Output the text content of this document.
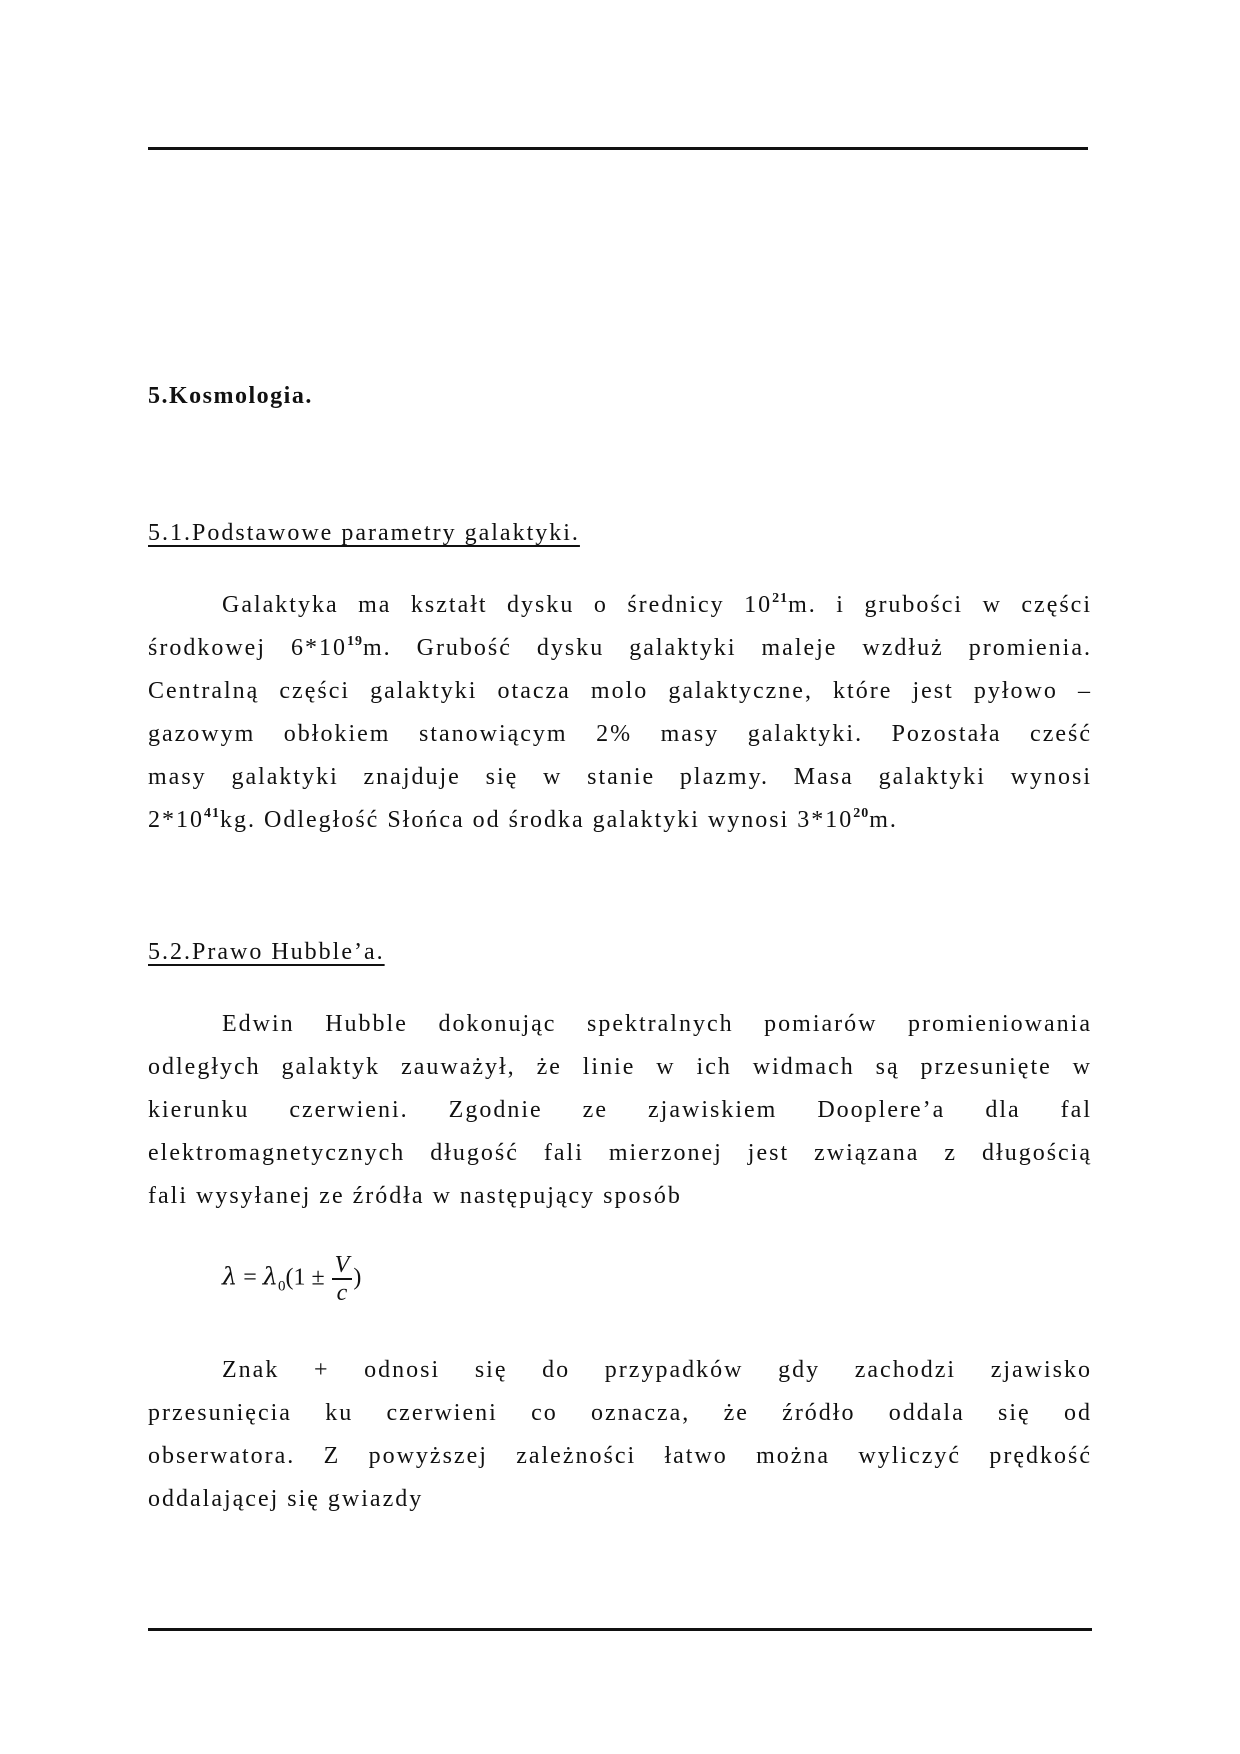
5.Kosmologia.
5.1.Podstawowe parametry galaktyki.

Galaktyka ma kształt dysku o średnicy $10^{21}m$. i grubości w części
środkowej $6*10^{19}m$. Grubość dysku galaktyki maleje wzdłuż promienia.
Centralną części galaktyki otacza molo galaktyczne, które jest pyłowo –
gazowym obłokiem stanowiącym 2% masy galaktyki. Pozostała cześć
masy galaktyki znajduje się w stanie plazmy. Masa galaktyki wynosi
$2*10^{41}kg$. Odległość Słońca od środka galaktyki wynosi $3*10^{20}m$.

5.2.Prawo Hubble’a.

Edwin Hubble dokonując spektralnych pomiarów promieniowania
odległych galaktyk zauważył, że linie w ich widmach są przesunięte w
kierunku czerwieni. Zgodnie ze zjawiskiem Dooplere’a dla fal
elektromagnetycznych długość fali mierzonej jest związana z długością
fali wysyłanej ze źródła w następujący sposób

$\lambda = \lambda_0(1 \pm \frac{V}{c}$ )

Znak + odnosi się do przypadków gdy zachodzi zjawisko
przesunięcia ku czerwieni co oznacza, że źródło oddala się od
obserwatora. Z powyższej zależności łatwo można wyliczyć prędkość
oddalającej się gwiazdy
